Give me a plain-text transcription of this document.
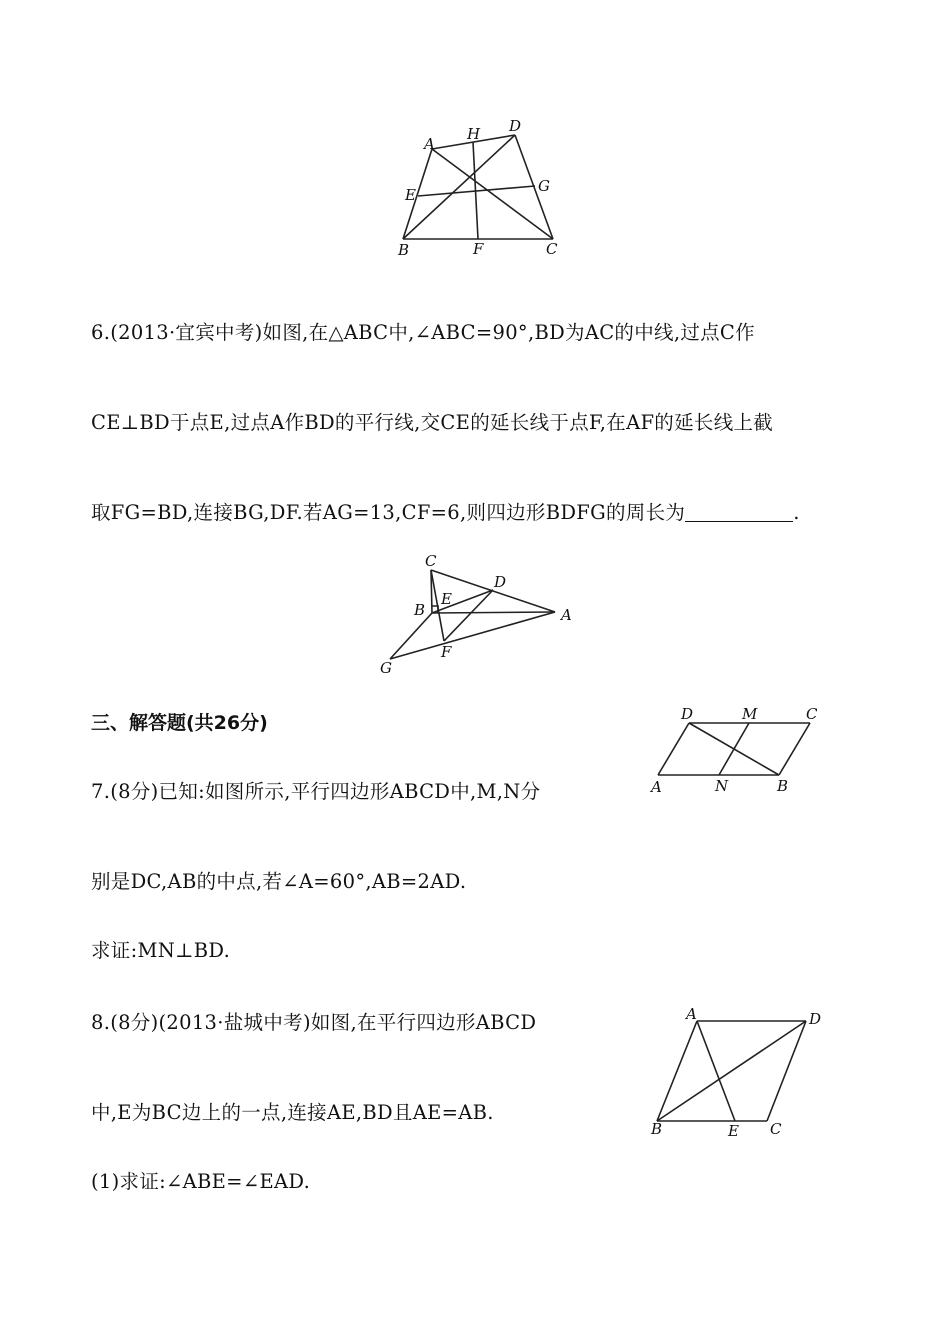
A
H D
E	G
B	F	C
6.(2013·宜宾中考)如图,在△ABC中,∠ABC=90°,BD为AC的中线,过点C作
CE⊥BD于点E,过点A作BD的平行线,交CE的延长线于点F,在AF的延长线上截
取FG=BD,连接BG,DF.若AG=13,CF=6,则四边形BDFG的周长为	.
C
D
B
E
A
F
G
三、解答题(共26分)	D	M	C
A	N	B
7.(8分)已知:如图所示,平行四边形ABCD中,M,N分
别是DC,AB的中点,若∠A=60°,AB=2AD.
求证:MN⊥BD.
A	D
B	E C
8.(8分)(2013·盐城中考)如图,在平行四边形ABCD
中,E为BC边上的一点,连接AE,BD且AE=AB.
(1)求证:∠ABE=∠EAD.
